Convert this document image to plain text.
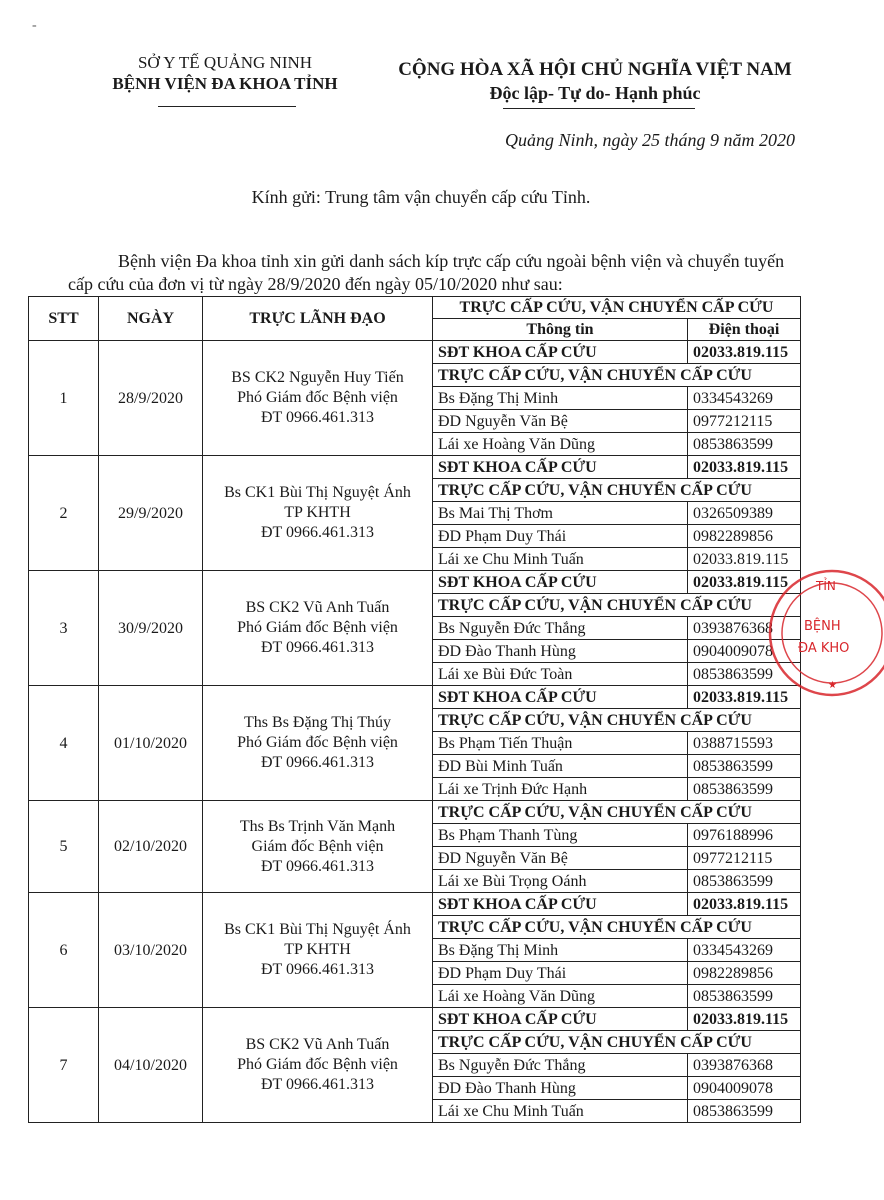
-
SỞ Y TẾ QUẢNG NINH
BỆNH VIỆN ĐA KHOA TỈNH
CỘNG HÒA XÃ HỘI CHỦ NGHĨA VIỆT NAM
Độc lập- Tự do- Hạnh phúc
Quảng Ninh, ngày 25 tháng 9 năm 2020
Kính gửi: Trung tâm vận chuyển cấp cứu Tỉnh.
Bệnh viện Đa khoa tỉnh xin gửi danh sách kíp trực cấp cứu ngoài bệnh viện và chuyển tuyến cấp cứu của đơn vị từ ngày 28/9/2020 đến ngày 05/10/2020 như sau:
STT	NGÀY	TRỰC LÃNH ĐẠO	TRỰC CẤP CỨU, VẬN CHUYỂN CẤP CỨU	
			Thông tin	Điện thoại
1	28/9/2020	BS CK2 Nguyễn Huy Tiến
Phó Giám đốc Bệnh viện
ĐT 0966.461.313	SĐT KHOA CẤP CỨU	02033.819.115
			TRỰC CẤP CỨU, VẬN CHUYỂN CẤP CỨU	
			Bs Đặng Thị Minh	0334543269
			ĐD Nguyễn Văn Bệ	0977212115
			Lái xe Hoàng Văn Dũng	0853863599
2	29/9/2020	Bs CK1 Bùi Thị Nguyệt Ánh
TP KHTH
ĐT 0966.461.313	SĐT KHOA CẤP CỨU	02033.819.115
			TRỰC CẤP CỨU, VẬN CHUYỂN CẤP CỨU	
			Bs Mai Thị Thơm	0326509389
			ĐD Phạm Duy Thái	0982289856
			Lái xe Chu Minh Tuấn	02033.819.115
3	30/9/2020	BS CK2 Vũ Anh Tuấn
Phó Giám đốc Bệnh viện
ĐT 0966.461.313	SĐT KHOA CẤP CỨU	02033.819.115
			TRỰC CẤP CỨU, VẬN CHUYỂN CẤP CỨU	
			Bs Nguyễn Đức Thắng	0393876368
			ĐD Đào Thanh Hùng	0904009078
			Lái xe Bùi Đức Toàn	0853863599
4	01/10/2020	Ths Bs Đặng Thị Thúy
Phó Giám đốc Bệnh viện
ĐT 0966.461.313	SĐT KHOA CẤP CỨU	02033.819.115
			TRỰC CẤP CỨU, VẬN CHUYỂN CẤP CỨU	
			Bs Phạm Tiến Thuận	0388715593
			ĐD Bùi Minh Tuấn	0853863599
			Lái xe Trịnh Đức Hạnh	0853863599
5	02/10/2020	Ths Bs Trịnh Văn Mạnh
Giám đốc Bệnh viện
ĐT 0966.461.313	TRỰC CẤP CỨU, VẬN CHUYỂN CẤP CỨU	
			Bs Phạm Thanh Tùng	0976188996
			ĐD Nguyễn Văn Bệ	0977212115
			Lái xe Bùi Trọng Oánh	0853863599
6	03/10/2020	Bs CK1 Bùi Thị Nguyệt Ánh
TP KHTH
ĐT 0966.461.313	SĐT KHOA CẤP CỨU	02033.819.115
			TRỰC CẤP CỨU, VẬN CHUYỂN CẤP CỨU	
			Bs Đặng Thị Minh	0334543269
			ĐD Phạm Duy Thái	0982289856
			Lái xe Hoàng Văn Dũng	0853863599
7	04/10/2020	BS CK2 Vũ Anh Tuấn
Phó Giám đốc Bệnh viện
ĐT 0966.461.313	SĐT KHOA CẤP CỨU	02033.819.115
			TRỰC CẤP CỨU, VẬN CHUYỂN CẤP CỨU	
			Bs Nguyễn Đức Thắng	0393876368
			ĐD Đào Thanh Hùng	0904009078
			Lái xe Chu Minh Tuấn	0853863599
TỈN
BỆNH
ĐA KHO
★
